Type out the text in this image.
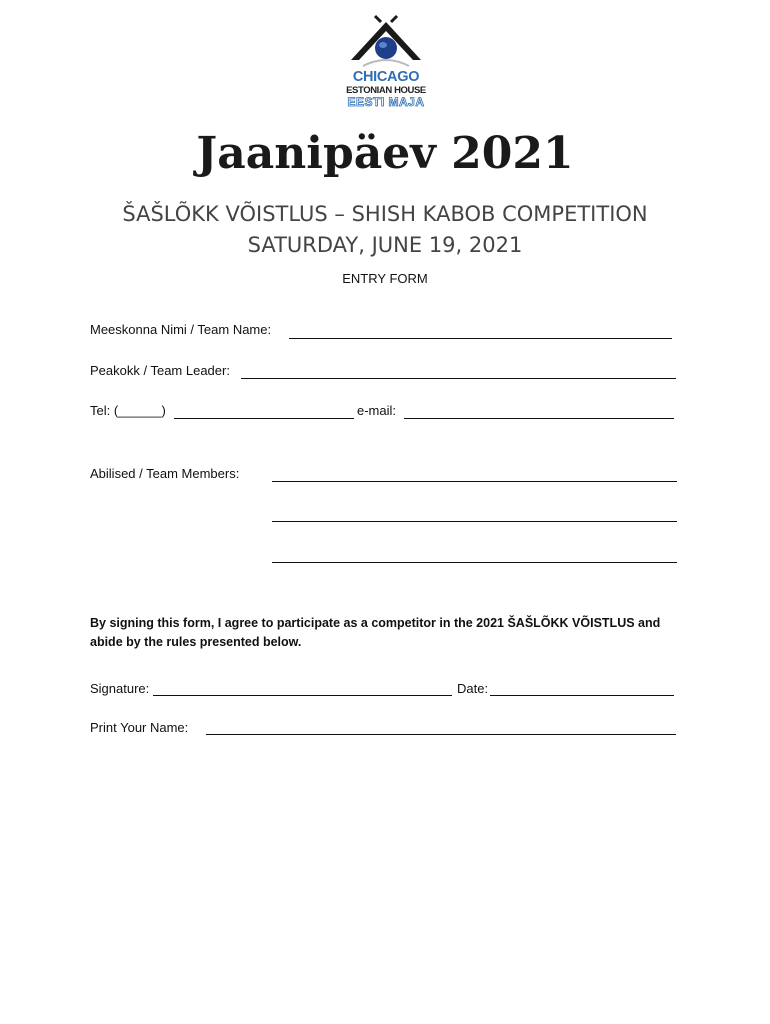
CHICAGO
ESTONIAN HOUSE
EESTI MAJA
Jaanipäev 2021
ŠAŠLÕKK VÕISTLUS – SHISH KABOB COMPETITION
SATURDAY, JUNE 19, 2021
ENTRY FORM
Meeskonna Nimi / Team Name:
Peakokk / Team Leader:
Tel: (______)	e-mail:
Abilised / Team Members:
By signing this form, I agree to participate as a competitor in the 2021 ŠAŠLÕKK VÕISTLUS and abide by the rules presented below.
Signature:	Date:
Print Your Name:
